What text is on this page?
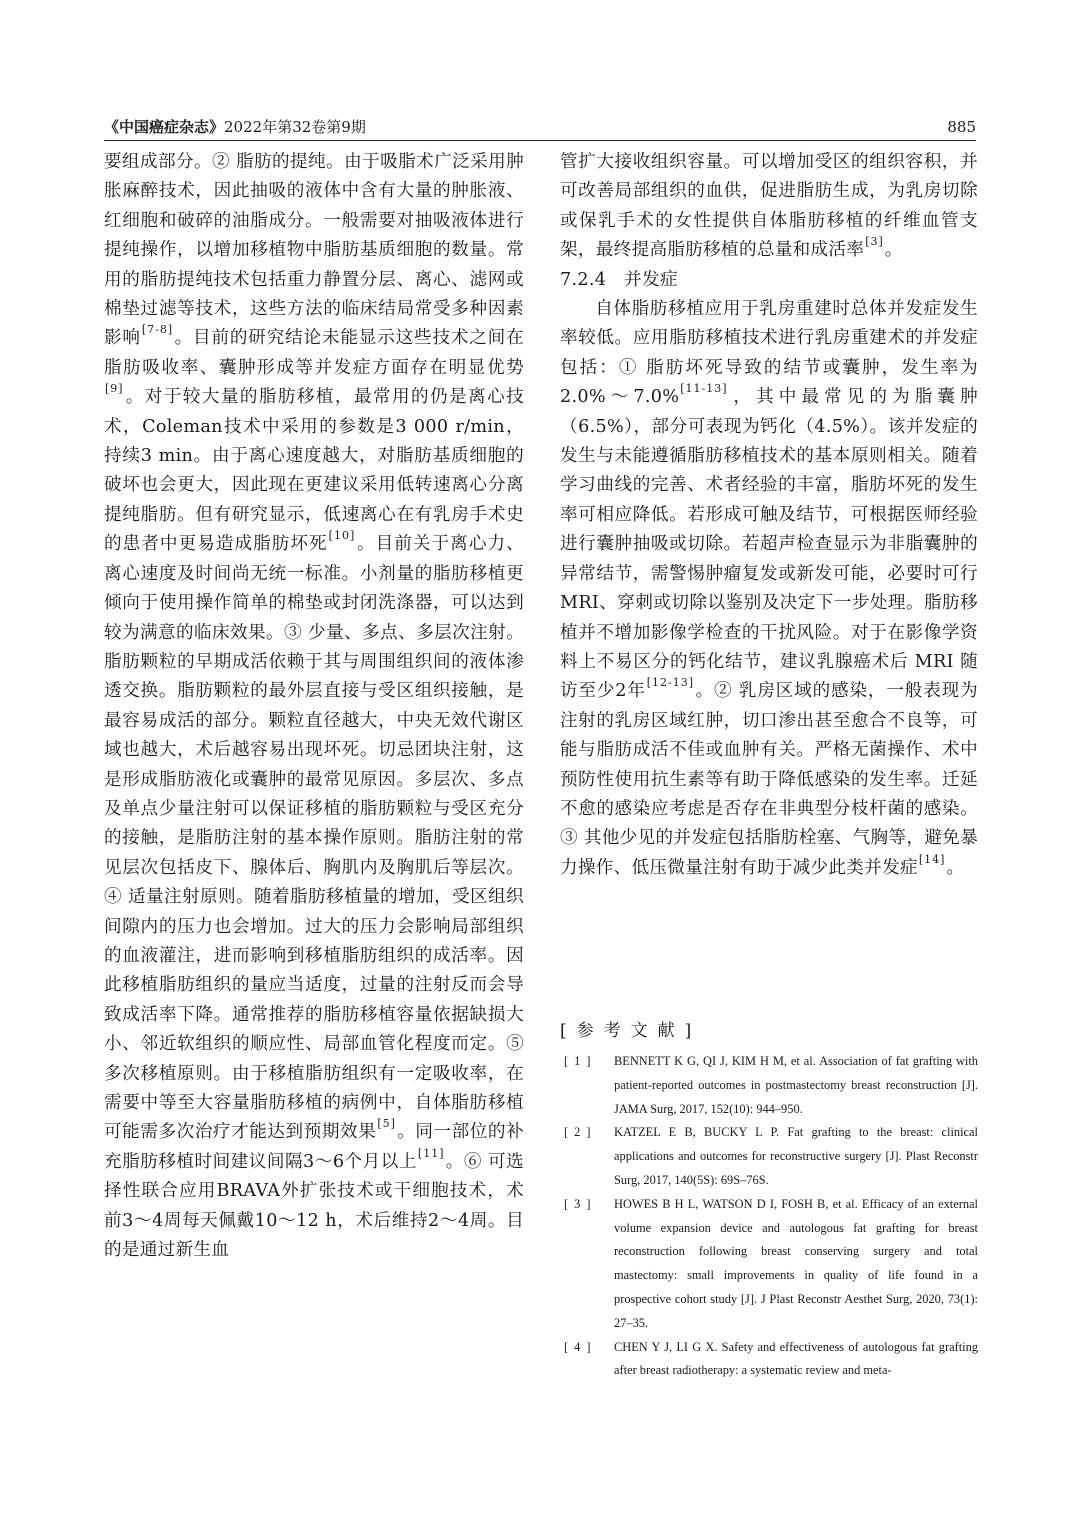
《中国癌症杂志》2022年第32卷第9期	885

要组成部分。② 脂肪的提纯。由于吸脂术广泛采用肿胀麻醉技术，因此抽吸的液体中含有大量的肿胀液、红细胞和破碎的油脂成分。一般需要对抽吸液体进行提纯操作，以增加移植物中脂肪基质细胞的数量。常用的脂肪提纯技术包括重力静置分层、离心、滤网或棉垫过滤等技术，这些方法的临床结局常受多种因素影响[7-8]。目前的研究结论未能显示这些技术之间在脂肪吸收率、囊肿形成等并发症方面存在明显优势[9]。对于较大量的脂肪移植，最常用的仍是离心技术，Coleman技术中采用的参数是3 000 r/min，持续3 min。由于离心速度越大，对脂肪基质细胞的破坏也会更大，因此现在更建议采用低转速离心分离提纯脂肪。但有研究显示，低速离心在有乳房手术史的患者中更易造成脂肪坏死[10]。目前关于离心力、离心速度及时间尚无统一标准。小剂量的脂肪移植更倾向于使用操作简单的棉垫或封闭洗涤器，可以达到较为满意的临床效果。③ 少量、多点、多层次注射。脂肪颗粒的早期成活依赖于其与周围组织间的液体渗透交换。脂肪颗粒的最外层直接与受区组织接触，是最容易成活的部分。颗粒直径越大，中央无效代谢区域也越大，术后越容易出现坏死。切忌团块注射，这是形成脂肪液化或囊肿的最常见原因。多层次、多点及单点少量注射可以保证移植的脂肪颗粒与受区充分的接触，是脂肪注射的基本操作原则。脂肪注射的常见层次包括皮下、腺体后、胸肌内及胸肌后等层次。④ 适量注射原则。随着脂肪移植量的增加，受区组织间隙内的压力也会增加。过大的压力会影响局部组织的血液灌注，进而影响到移植脂肪组织的成活率。因此移植脂肪组织的量应当适度，过量的注射反而会导致成活率下降。通常推荐的脂肪移植容量依据缺损大小、邻近软组织的顺应性、局部血管化程度而定。⑤多次移植原则。由于移植脂肪组织有一定吸收率，在需要中等至大容量脂肪移植的病例中，自体脂肪移植可能需多次治疗才能达到预期效果[5]。同一部位的补充脂肪移植时间建议间隔3～6个月以上[11]。⑥ 可选择性联合应用BRAVA外扩张技术或干细胞技术，术前3～4周每天佩戴10～12 h，术后维持2～4周。目的是通过新生血

管扩大接收组织容量。可以增加受区的组织容积，并可改善局部组织的血供，促进脂肪生成，为乳房切除或保乳手术的女性提供自体脂肪移植的纤维血管支架，最终提高脂肪移植的总量和成活率[3]。

7.2.4　并发症

自体脂肪移植应用于乳房重建时总体并发症发生率较低。应用脂肪移植技术进行乳房重建术的并发症包括：① 脂肪坏死导致的结节或囊肿，发生率为2.0%～7.0%[11-13]，其中最常见的为脂囊肿（6.5%），部分可表现为钙化（4.5%）。该并发症的发生与未能遵循脂肪移植技术的基本原则相关。随着学习曲线的完善、术者经验的丰富，脂肪坏死的发生率可相应降低。若形成可触及结节，可根据医师经验进行囊肿抽吸或切除。若超声检查显示为非脂囊肿的异常结节，需警惕肿瘤复发或新发可能，必要时可行MRI、穿刺或切除以鉴别及决定下一步处理。脂肪移植并不增加影像学检查的干扰风险。对于在影像学资料上不易区分的钙化结节，建议乳腺癌术后 MRI 随访至少2年[12-13]。② 乳房区域的感染，一般表现为注射的乳房区域红肿，切口渗出甚至愈合不良等，可能与脂肪成活不佳或血肿有关。严格无菌操作、术中预防性使用抗生素等有助于降低感染的发生率。迁延不愈的感染应考虑是否存在非典型分枝杆菌的感染。③ 其他少见的并发症包括脂肪栓塞、气胸等，避免暴力操作、低压微量注射有助于减少此类并发症[14]。

[参考文献]
[1] BENNETT K G, QI J, KIM H M, et al. Association of fat grafting with patient-reported outcomes in postmastectomy breast reconstruction [J]. JAMA Surg, 2017, 152(10): 944–950.
[2] KATZEL E B, BUCKY L P. Fat grafting to the breast: clinical applications and outcomes for reconstructive surgery [J]. Plast Reconstr Surg, 2017, 140(5S): 69S–76S.
[3] HOWES B H L, WATSON D I, FOSH B, et al. Efficacy of an external volume expansion device and autologous fat grafting for breast reconstruction following breast conserving surgery and total mastectomy: small improvements in quality of life found in a prospective cohort study [J]. J Plast Reconstr Aesthet Surg, 2020, 73(1): 27–35.
[4] CHEN Y J, LI G X. Safety and effectiveness of autologous fat grafting after breast radiotherapy: a systematic review and meta-
